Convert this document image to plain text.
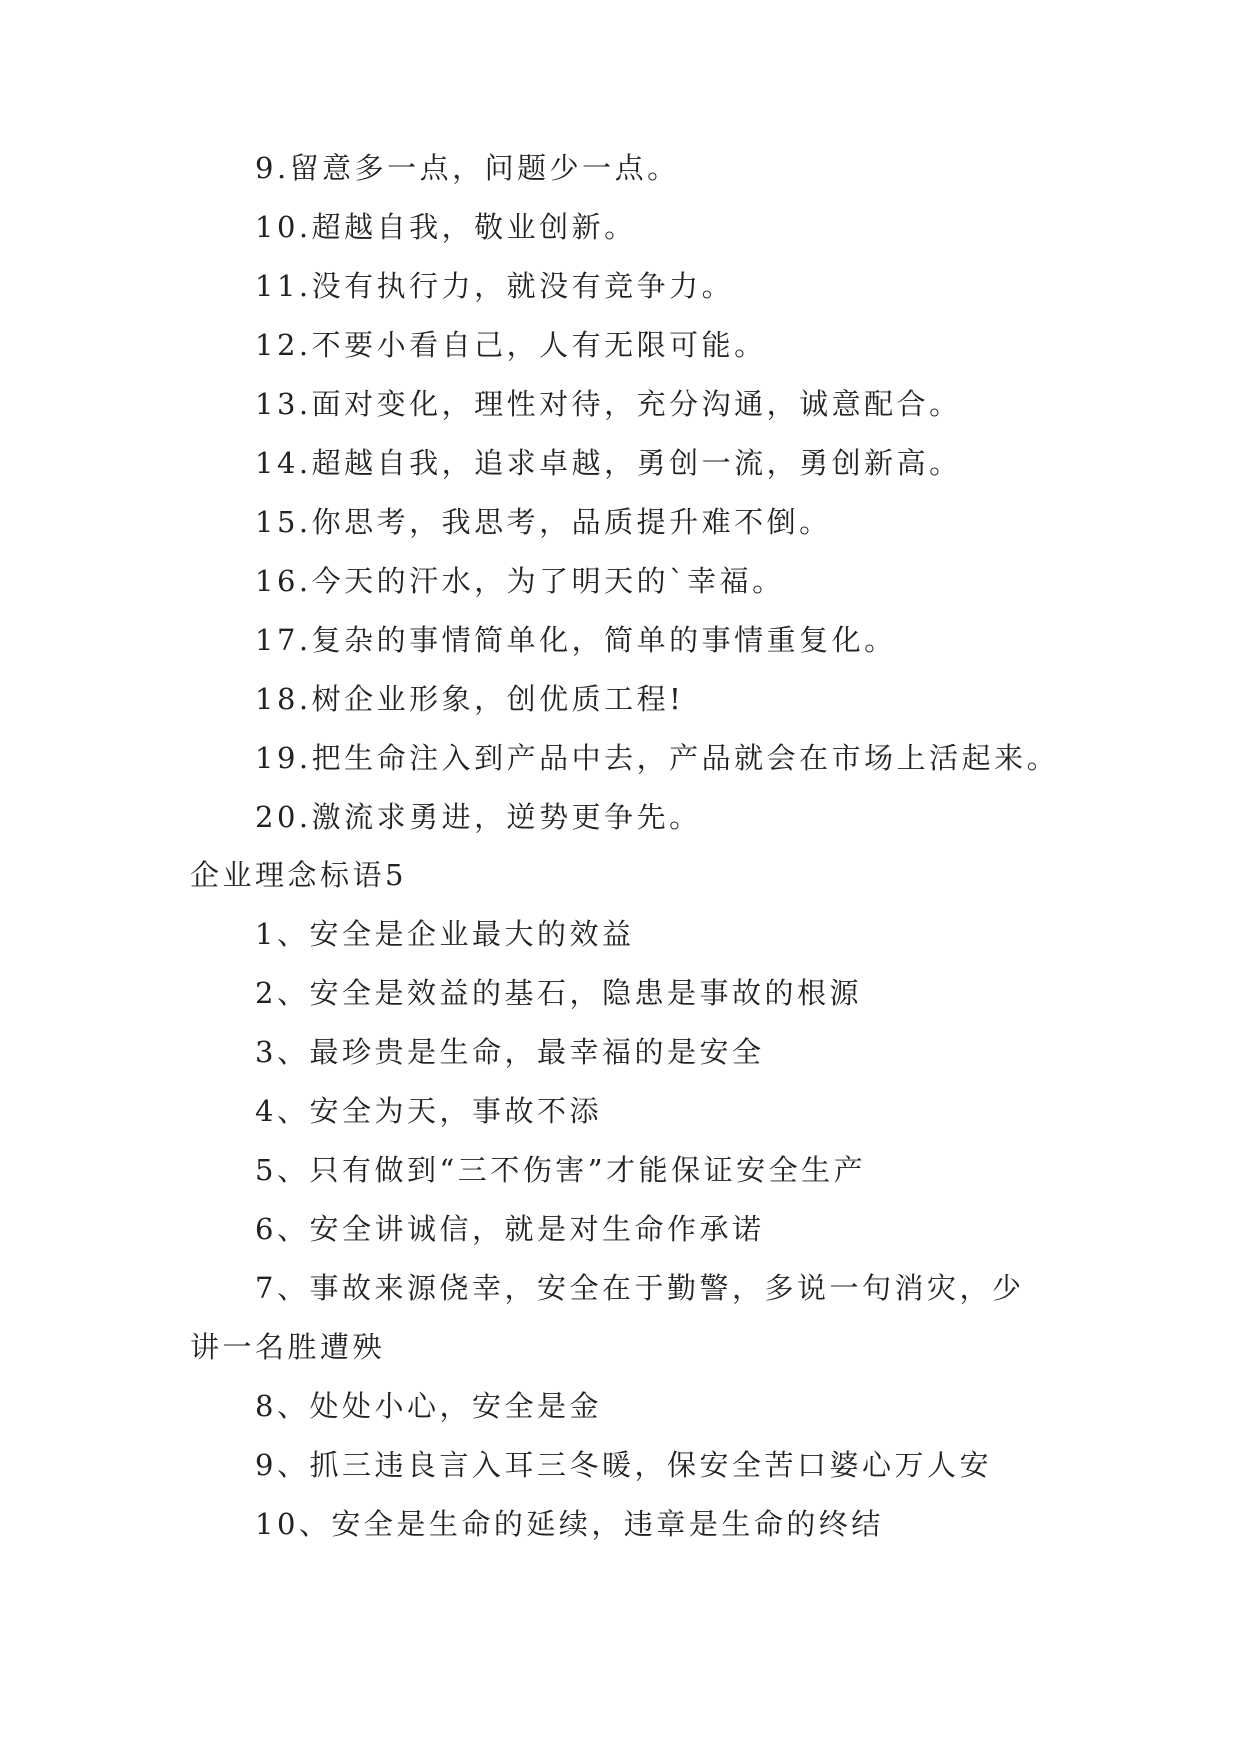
9.留意多一点，问题少一点。
10.超越自我，敬业创新。
11.没有执行力，就没有竞争力。
12.不要小看自己，人有无限可能。
13.面对变化，理性对待，充分沟通，诚意配合。
14.超越自我，追求卓越，勇创一流，勇创新高。
15.你思考，我思考，品质提升难不倒。
16.今天的汗水，为了明天的`幸福。
17.复杂的事情简单化，简单的事情重复化。
18.树企业形象，创优质工程!
19.把生命注入到产品中去，产品就会在市场上活起来。
20.激流求勇进，逆势更争先。
企业理念标语5
1、安全是企业最大的效益
2、安全是效益的基石，隐患是事故的根源
3、最珍贵是生命，最幸福的是安全
4、安全为天，事故不添
5、只有做到“三不伤害”才能保证安全生产
6、安全讲诚信，就是对生命作承诺
7、事故来源侥幸，安全在于勤警，多说一句消灾，少
讲一名胜遭殃
8、处处小心，安全是金
9、抓三违良言入耳三冬暖，保安全苦口婆心万人安
10、安全是生命的延续，违章是生命的终结
